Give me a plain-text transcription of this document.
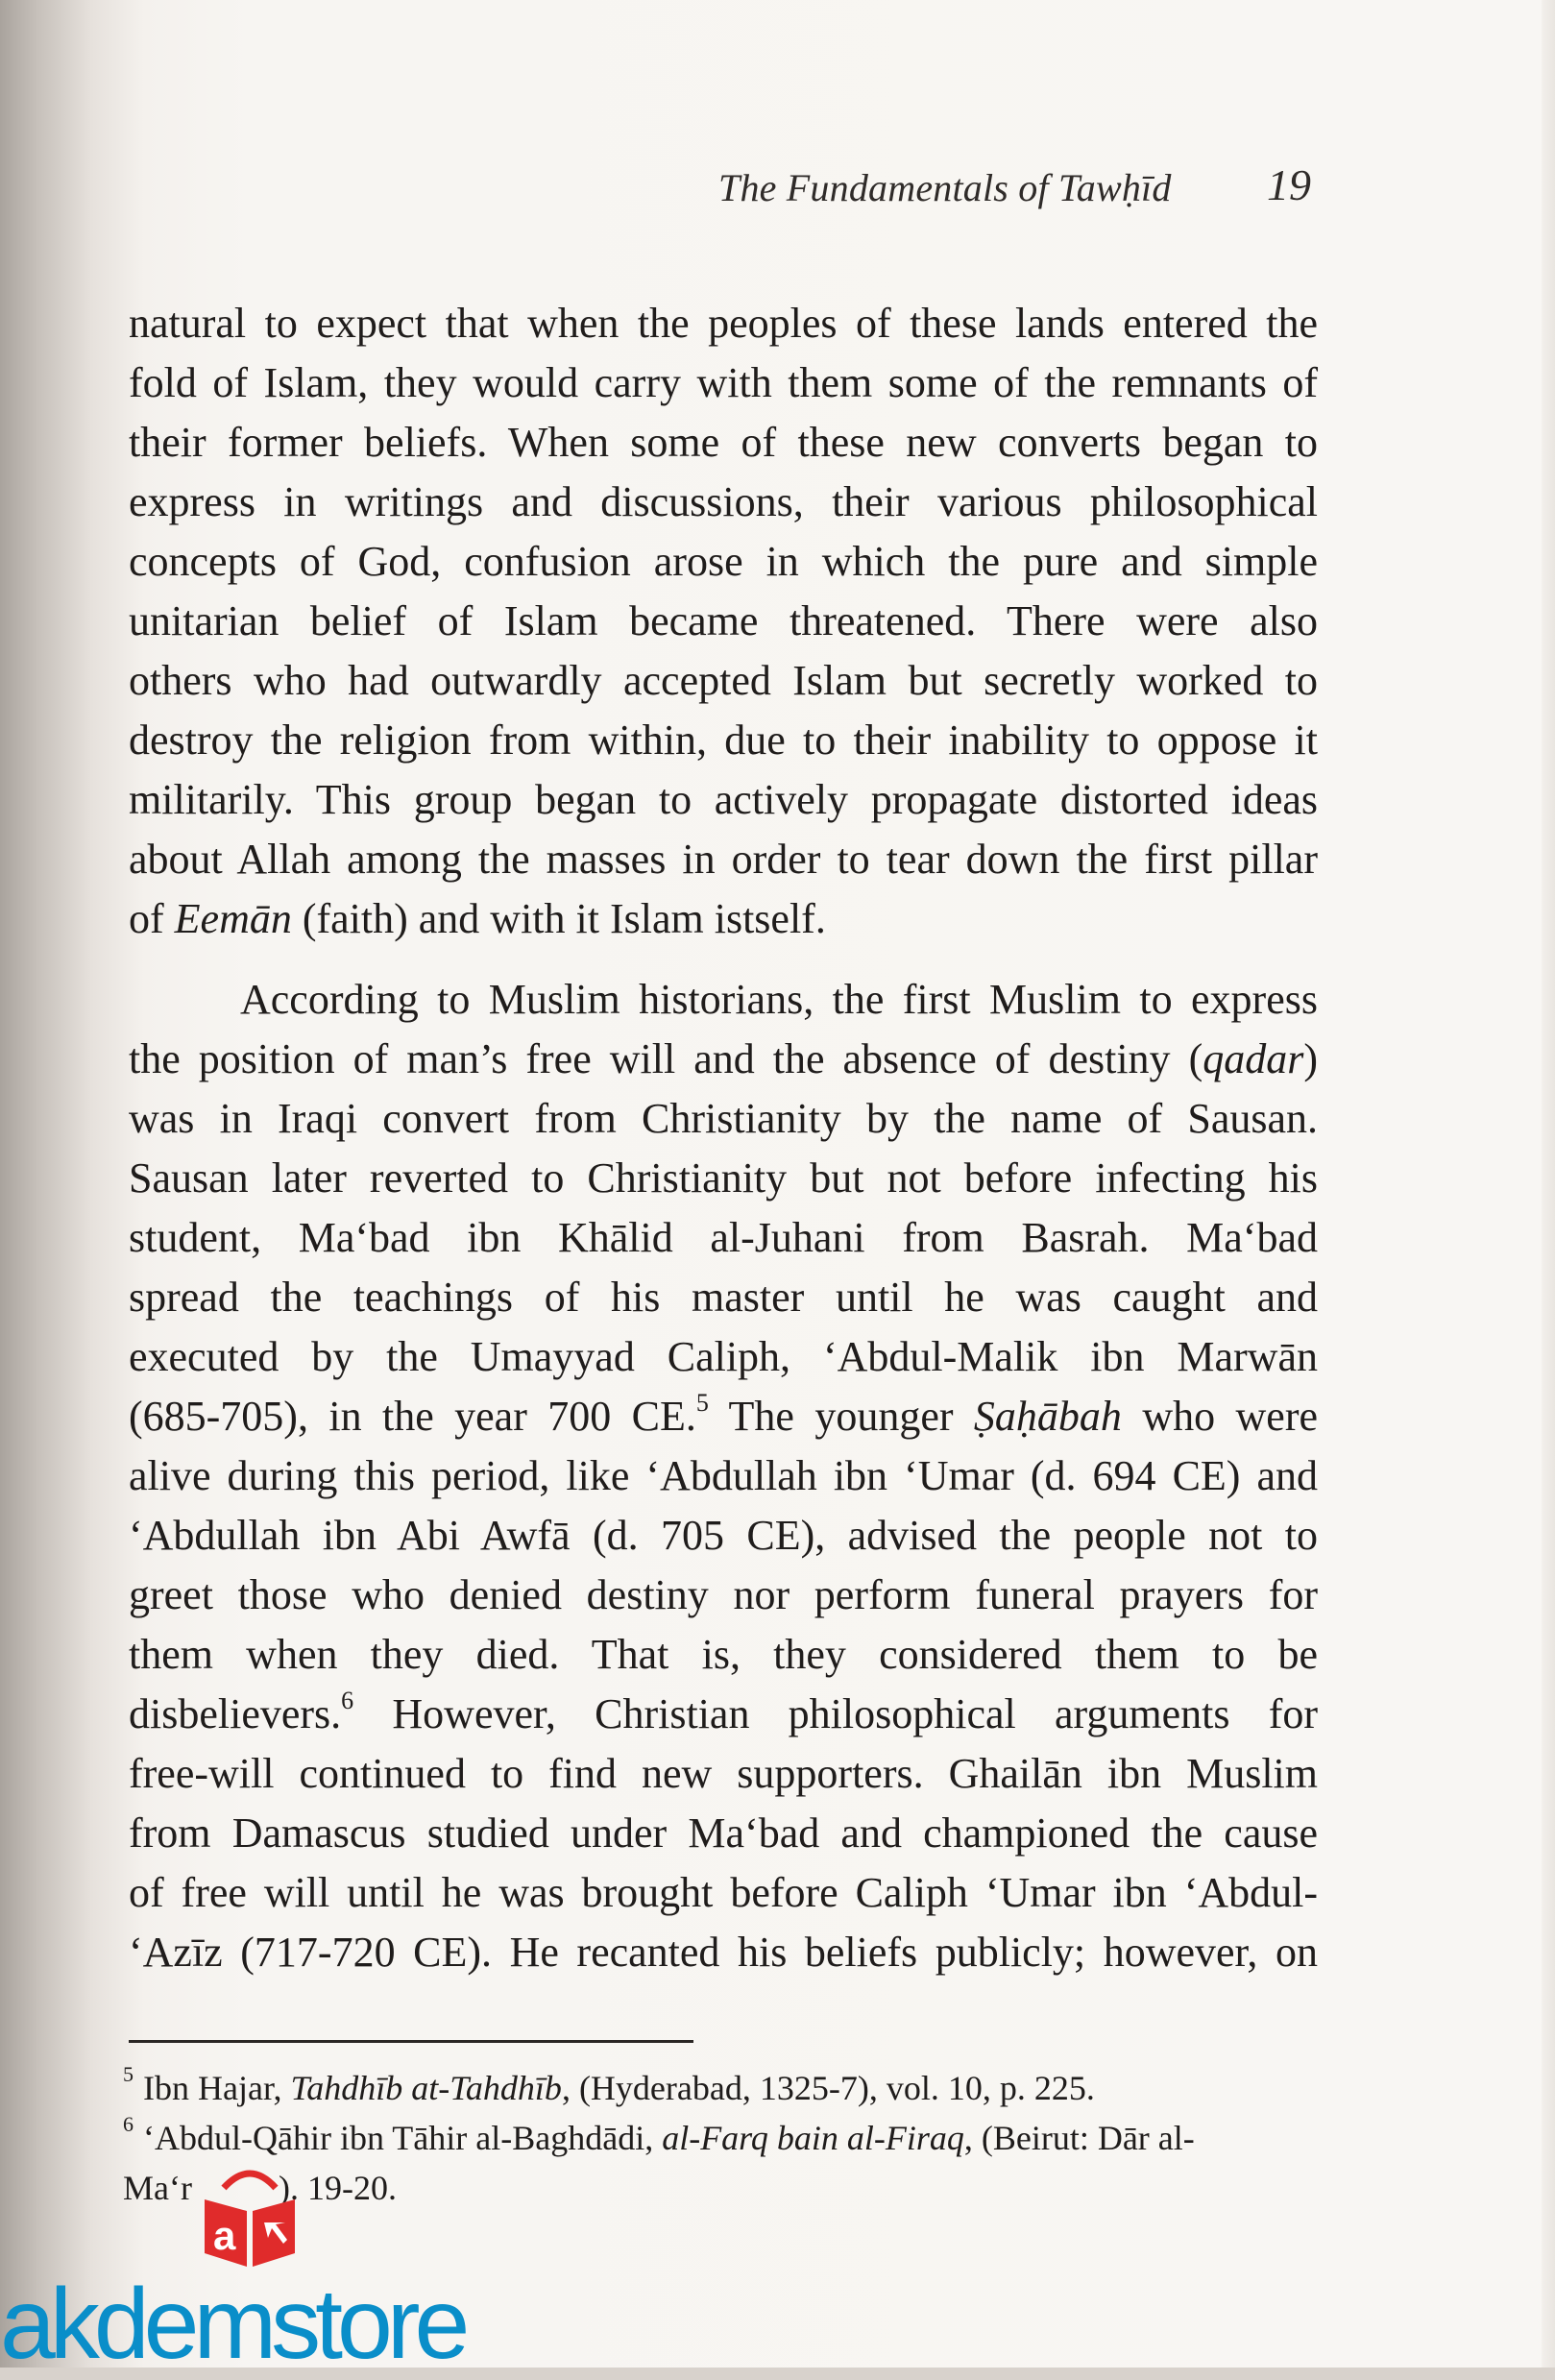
The Fundamentals of Tawḥīd 19
natural to expect that when the peoples of these lands entered the
fold of Islam, they would carry with them some of the remnants of
their former beliefs. When some of these new converts began to
express in writings and discussions, their various philosophical
concepts of God, confusion arose in which the pure and simple
unitarian belief of Islam became threatened. There were also
others who had outwardly accepted Islam but secretly worked to
destroy the religion from within, due to their inability to oppose it
militarily. This group began to actively propagate distorted ideas
about Allah among the masses in order to tear down the first pillar
of Eemān (faith) and with it Islam istself.
According to Muslim historians, the first Muslim to express
the position of man’s free will and the absence of destiny (qadar)
was in Iraqi convert from Christianity by the name of Sausan.
Sausan later reverted to Christianity but not before infecting his
student, Ma‘bad ibn Khālid al-Juhani from Basrah. Ma‘bad
spread the teachings of his master until he was caught and
executed by the Umayyad Caliph, ‘Abdul-Malik ibn Marwān
(685-705), in the year 700 CE.$^5$ The younger Ṣaḥābah who were
alive during this period, like ‘Abdullah ibn ‘Umar (d. 694 CE) and
‘Abdullah ibn Abi Awfā (d. 705 CE), advised the people not to
greet those who denied destiny nor perform funeral prayers for
them when they died. That is, they considered them to be
disbelievers.$^6$ However, Christian philosophical arguments for
free-will continued to find new supporters. Ghailān ibn Muslim
from Damascus studied under Ma‘bad and championed the cause
of free will until he was brought before Caliph ‘Umar ibn ‘Abdul-
‘Azīz (717-720 CE). He recanted his beliefs publicly; however, on
$^5$ Ibn Hajar, Tahdhīb at-Tahdhīb, (Hyderabad, 1325-7), vol. 10, p. 225.
$^6$ ‘Abdul-Qāhir ibn Tāhir al-Baghdādi, al-Farq bain al-Firaq, (Beirut: Dār al-
Ma‘r          ). 19-20.
a
akdemstore
